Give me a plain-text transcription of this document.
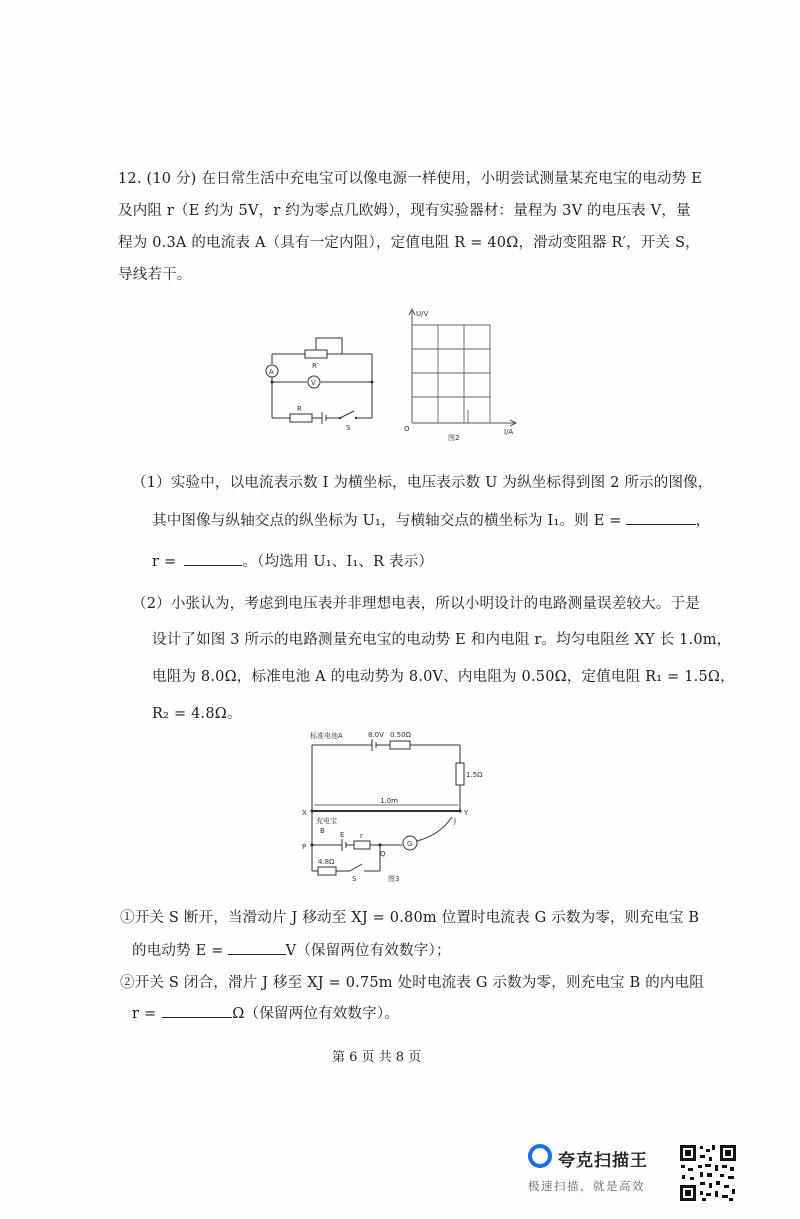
12. (10 分) 在日常生活中充电宝可以像电源一样使用，小明尝试测量某充电宝的电动势 E
及内阻 r（E 约为 5V，r 约为零点几欧姆），现有实验器材：量程为 3V 的电压表 V，量
程为 0.3A 的电流表 A（具有一定内阻），定值电阻 R = 40Ω，滑动变阻器 R′，开关 S，
导线若干。
A
V
R′
R
S
U/V
I/A
O
图2
（1）实验中，以电流表示数 I 为横坐标，电压表示数 U 为纵坐标得到图 2 所示的图像，
其中图像与纵轴交点的纵坐标为 U₁，与横轴交点的横坐标为 I₁。则 E =	，
r =	。（均选用 U₁、I₁、R 表示）
（2）小张认为，考虑到电压表并非理想电表，所以小明设计的电路测量误差较大。于是
设计了如图 3 所示的电路测量充电宝的电动势 E 和内电阻 r。均匀电阻丝 XY 长 1.0m，
电阻为 8.0Ω，标准电池 A 的电动势为 8.0V、内电阻为 0.50Ω，定值电阻 R₁ = 1.5Ω，
R₂ = 4.8Ω。
标准电池A	8.0V 0.50Ω
1.5Ω
1.0m
X	Y
J
充电宝
B E r
G
P
Q
4.8Ω
S	图3
①开关 S 断开，当滑动片 J 移动至 XJ = 0.80m 位置时电流表 G 示数为零，则充电宝 B
的电动势 E =	V（保留两位有效数字）；
②开关 S 闭合，滑片 J 移至 XJ = 0.75m 处时电流表 G 示数为零，则充电宝 B 的内电阻
r =	Ω（保留两位有效数字）。
第 6 页 共 8 页
夸克扫描王
极速扫描，就是高效
